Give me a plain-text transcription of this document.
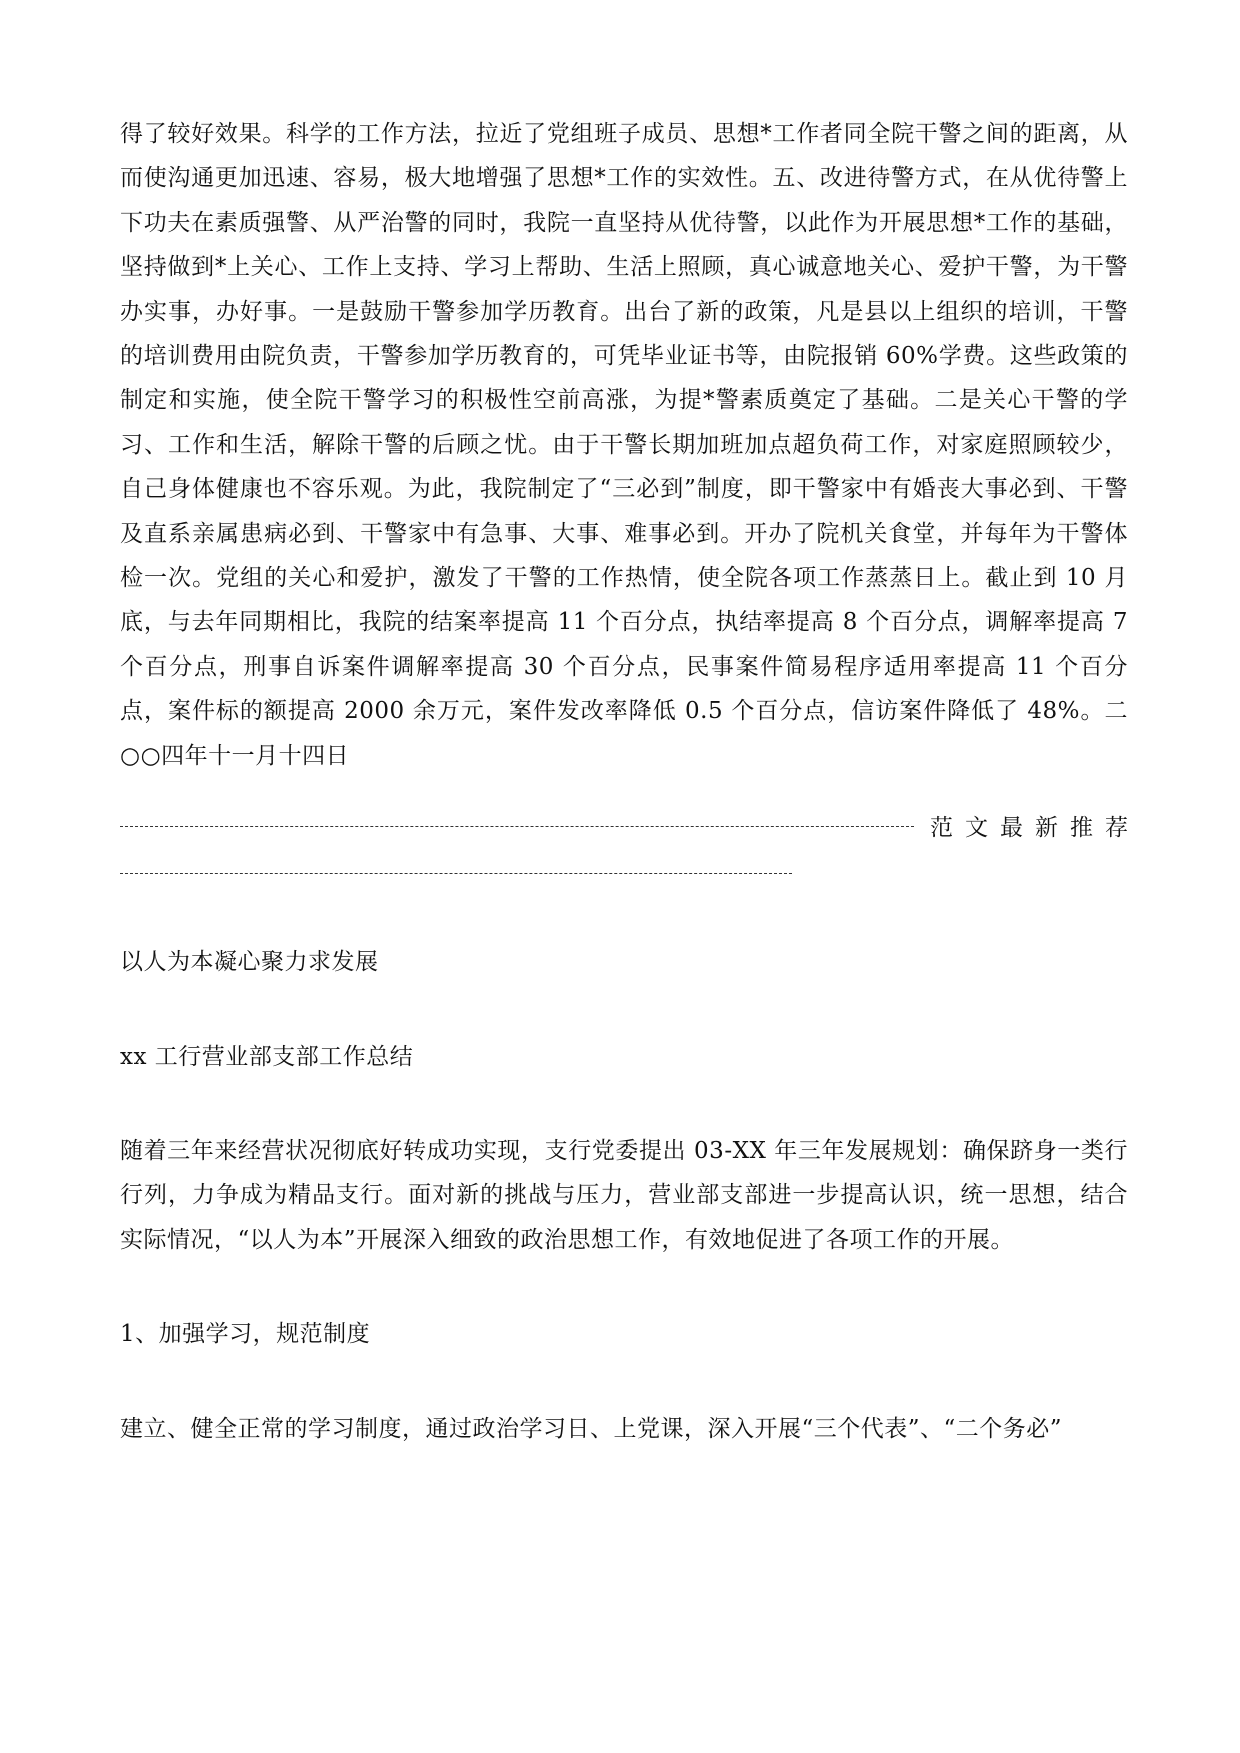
得了较好效果。科学的工作方法，拉近了党组班子成员、思想*工作者同全院干警之间的距离，从而使沟通更加迅速、容易，极大地增强了思想*工作的实效性。五、改进待警方式，在从优待警上下功夫在素质强警、从严治警的同时，我院一直坚持从优待警，以此作为开展思想*工作的基础，坚持做到*上关心、工作上支持、学习上帮助、生活上照顾，真心诚意地关心、爱护干警，为干警办实事，办好事。一是鼓励干警参加学历教育。出台了新的政策，凡是县以上组织的培训，干警的培训费用由院负责，干警参加学历教育的，可凭毕业证书等，由院报销 60%学费。这些政策的制定和实施，使全院干警学习的积极性空前高涨，为提*警素质奠定了基础。二是关心干警的学习、工作和生活，解除干警的后顾之忧。由于干警长期加班加点超负荷工作，对家庭照顾较少，自己身体健康也不容乐观。为此，我院制定了“三必到”制度，即干警家中有婚丧大事必到、干警及直系亲属患病必到、干警家中有急事、大事、难事必到。开办了院机关食堂，并每年为干警体检一次。党组的关心和爱护，激发了干警的工作热情，使全院各项工作蒸蒸日上。截止到 10 月底，与去年同期相比，我院的结案率提高 11 个百分点，执结率提高 8 个百分点，调解率提高 7 个百分点，刑事自诉案件调解率提高 30 个百分点，民事案件简易程序适用率提高 11 个百分点，案件标的额提高 2000 余万元，案件发改率降低 0.5 个百分点，信访案件降低了 48%。二○○四年十一月十四日

范文最新推荐

以人为本凝心聚力求发展

xx 工行营业部支部工作总结

随着三年来经营状况彻底好转成功实现，支行党委提出 03-XX 年三年发展规划：确保跻身一类行行列，力争成为精品支行。面对新的挑战与压力，营业部支部进一步提高认识，统一思想，结合实际情况，“以人为本”开展深入细致的政治思想工作，有效地促进了各项工作的开展。

1、加强学习，规范制度

建立、健全正常的学习制度，通过政治学习日、上党课，深入开展“三个代表”、“二个务必”
